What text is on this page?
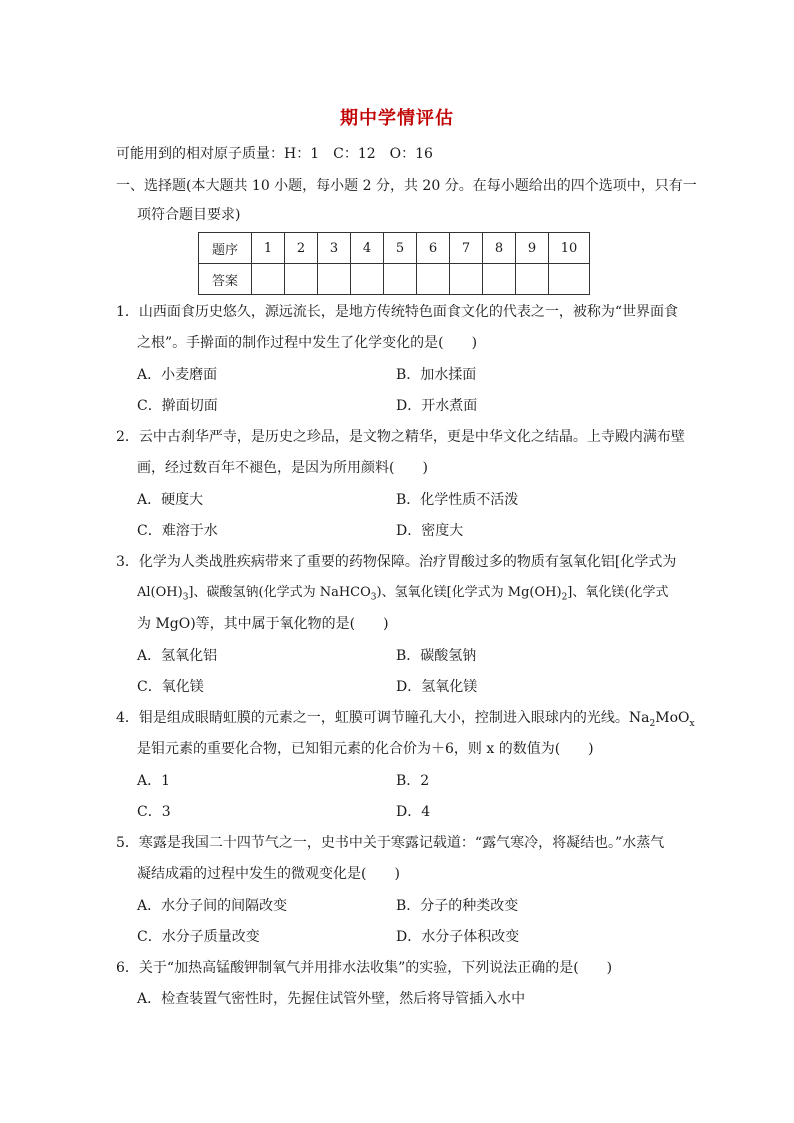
期中学情评估
可能用到的相对原子质量：H：1　C：12　O：16
一、选择题(本大题共 10 小题，每小题 2 分，共 20 分。在每小题给出的四个选项中，只有一
项符合题目要求)
题序	1	2	3	4	5	6	7	8	9	10
答案										
1．山西面食历史悠久，源远流长，是地方传统特色面食文化的代表之一，被称为“世界面食
之根”。手擀面的制作过程中发生了化学变化的是(　　)
A．小麦磨面	B．加水揉面
C．擀面切面	D．开水煮面
2．云中古刹华严寺，是历史之珍品，是文物之精华，更是中华文化之结晶。上寺殿内满布壁
画，经过数百年不褪色，是因为所用颜料(　　)
A．硬度大	B．化学性质不活泼
C．难溶于水	D．密度大
3．化学为人类战胜疾病带来了重要的药物保障。治疗胃酸过多的物质有氢氧化铝[化学式为
$Al(OH)_3$]、碳酸氢钠(化学式为 NaHCO$_3$)、氢氧化镁[化学式为 $Mg(OH)_2$]、氧化镁(化学式
为 MgO)等，其中属于氧化物的是(　　)
A．氢氧化铝	B．碳酸氢钠
C．氧化镁	D．氢氧化镁
4．钼是组成眼睛虹膜的元素之一，虹膜可调节瞳孔大小，控制进入眼球内的光线。$Na_2MoO_x$
是钼元素的重要化合物，已知钼元素的化合价为＋6，则 x 的数值为(　　)
A．1	B．2
C．3	D．4
5．寒露是我国二十四节气之一，史书中关于寒露记载道：“露气寒冷，将凝结也。”水蒸气
凝结成霜的过程中发生的微观变化是(　　)
A．水分子间的间隔改变	B．分子的种类改变
C．水分子质量改变	D．水分子体积改变
6．关于“加热高锰酸钾制氧气并用排水法收集”的实验，下列说法正确的是(　　)
A．检查装置气密性时，先握住试管外壁，然后将导管插入水中
